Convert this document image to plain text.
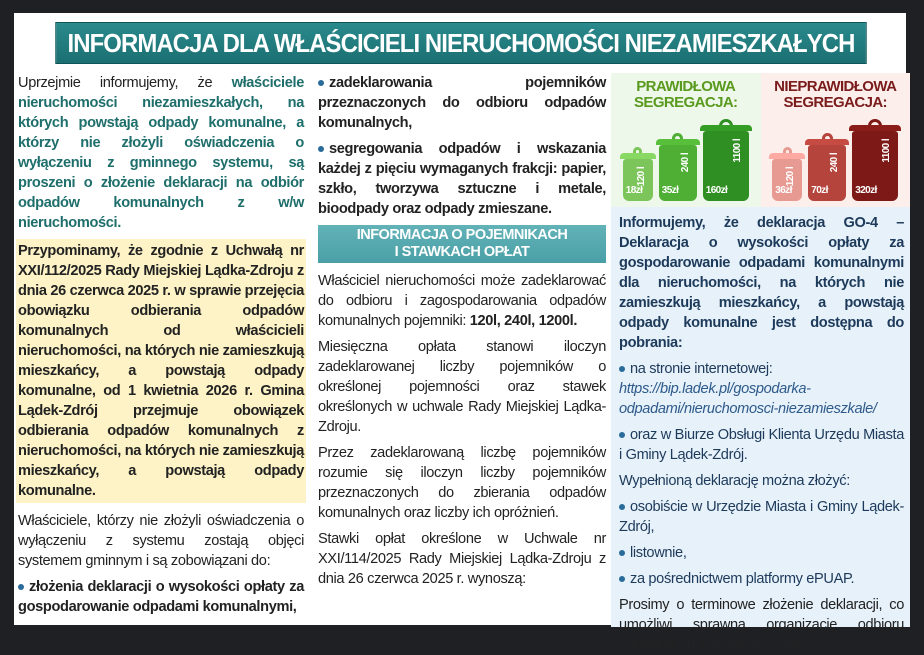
INFORMACJA DLA WŁAŚCICIELI NIERUCHOMOŚCI NIEZAMIESZKAŁYCH

Uprzejmie informujemy, że właściciele nieruchomości niezamieszkałych, na których powstają odpady komunalne, a którzy nie złożyli oświadczenia o wyłączeniu z gminnego systemu, są proszeni o złożenie deklaracji na odbiór odpadów komunalnych z w/w nieruchomości.

Przypominamy, że zgodnie z Uchwałą nr XXI/112/2025 Rady Miejskiej Lądka-Zdroju z dnia 26 czerwca 2025 r. w sprawie przejęcia obowiązku odbierania odpadów komunalnych od właścicieli nieruchomości, na których nie zamieszkują mieszkańcy, a powstają odpady komunalne, od 1 kwietnia 2026 r. Gmina Lądek-Zdrój przejmuje obowiązek odbierania odpadów komunalnych z nieruchomości, na których nie zamieszkują mieszkańcy, a powstają odpady komunalne.

Właściciele, którzy nie złożyli oświadczenia o wyłączeniu z systemu zostają objęci systemem gminnym i są zobowiązani do:

złożenia deklaracji o wysokości opłaty za gospodarowanie odpadami komunalnymi,

zadeklarowania pojemników przeznaczonych do odbioru odpadów komunalnych,

segregowania odpadów i wskazania każdej z pięciu wymaganych frakcji: papier, szkło, tworzywa sztuczne i metale, bioodpady oraz odpady zmieszane.

INFORMACJA O POJEMNIKACH
I STAWKACH OPŁAT

Właściciel nieruchomości może zadeklarować do odbioru i zagospodarowania odpadów komunalnych pojemniki: 120l, 240l, 1200l.

Miesięczna opłata stanowi iloczyn zadeklarowanej liczby pojemników o określonej pojemności oraz stawek określonych w uchwale Rady Miejskiej Lądka-Zdroju.

Przez zadeklarowaną liczbę pojemników rozumie się iloczyn liczby pojemników przeznaczonych do zbierania odpadów komunalnych oraz liczby ich opróżnień.

Stawki opłat określone w Uchwale nr XXI/114/2025 Rady Miejskiej Lądka-Zdroju z dnia 26 czerwca 2025 r. wynoszą:

PRAWIDŁOWA
SEGREGACJA:
120 l
18zł
240 l
35zł
1100 l
160zł
NIEPRAWIDŁOWA
SEGREGACJA:
120 l
36zł
240 l
70zł
1100 l
320zł

Informujemy, że deklaracja GO-4 – Deklaracja o wysokości opłaty za gospodarowanie odpadami komunalnymi dla nieruchomości, na których nie zamieszkują mieszkańcy, a powstają odpady komunalne jest dostępna do pobrania:

na stronie internetowej:
https://bip.ladek.pl/gospodarka-odpadami/nieruchomosci-niezamieszkale/

oraz w Biurze Obsługi Klienta Urzędu Miasta i Gminy Lądek-Zdrój.

Wypełnioną deklarację można złożyć:

osobiście w Urzędzie Miasta i Gminy Lądek-Zdrój,

listownie,

za pośrednictwem platformy ePUAP.

Prosimy o terminowe złożenie deklaracji, co umożliwi sprawną organizację odbioru odpadów od 1 kwietnia 2026r.
